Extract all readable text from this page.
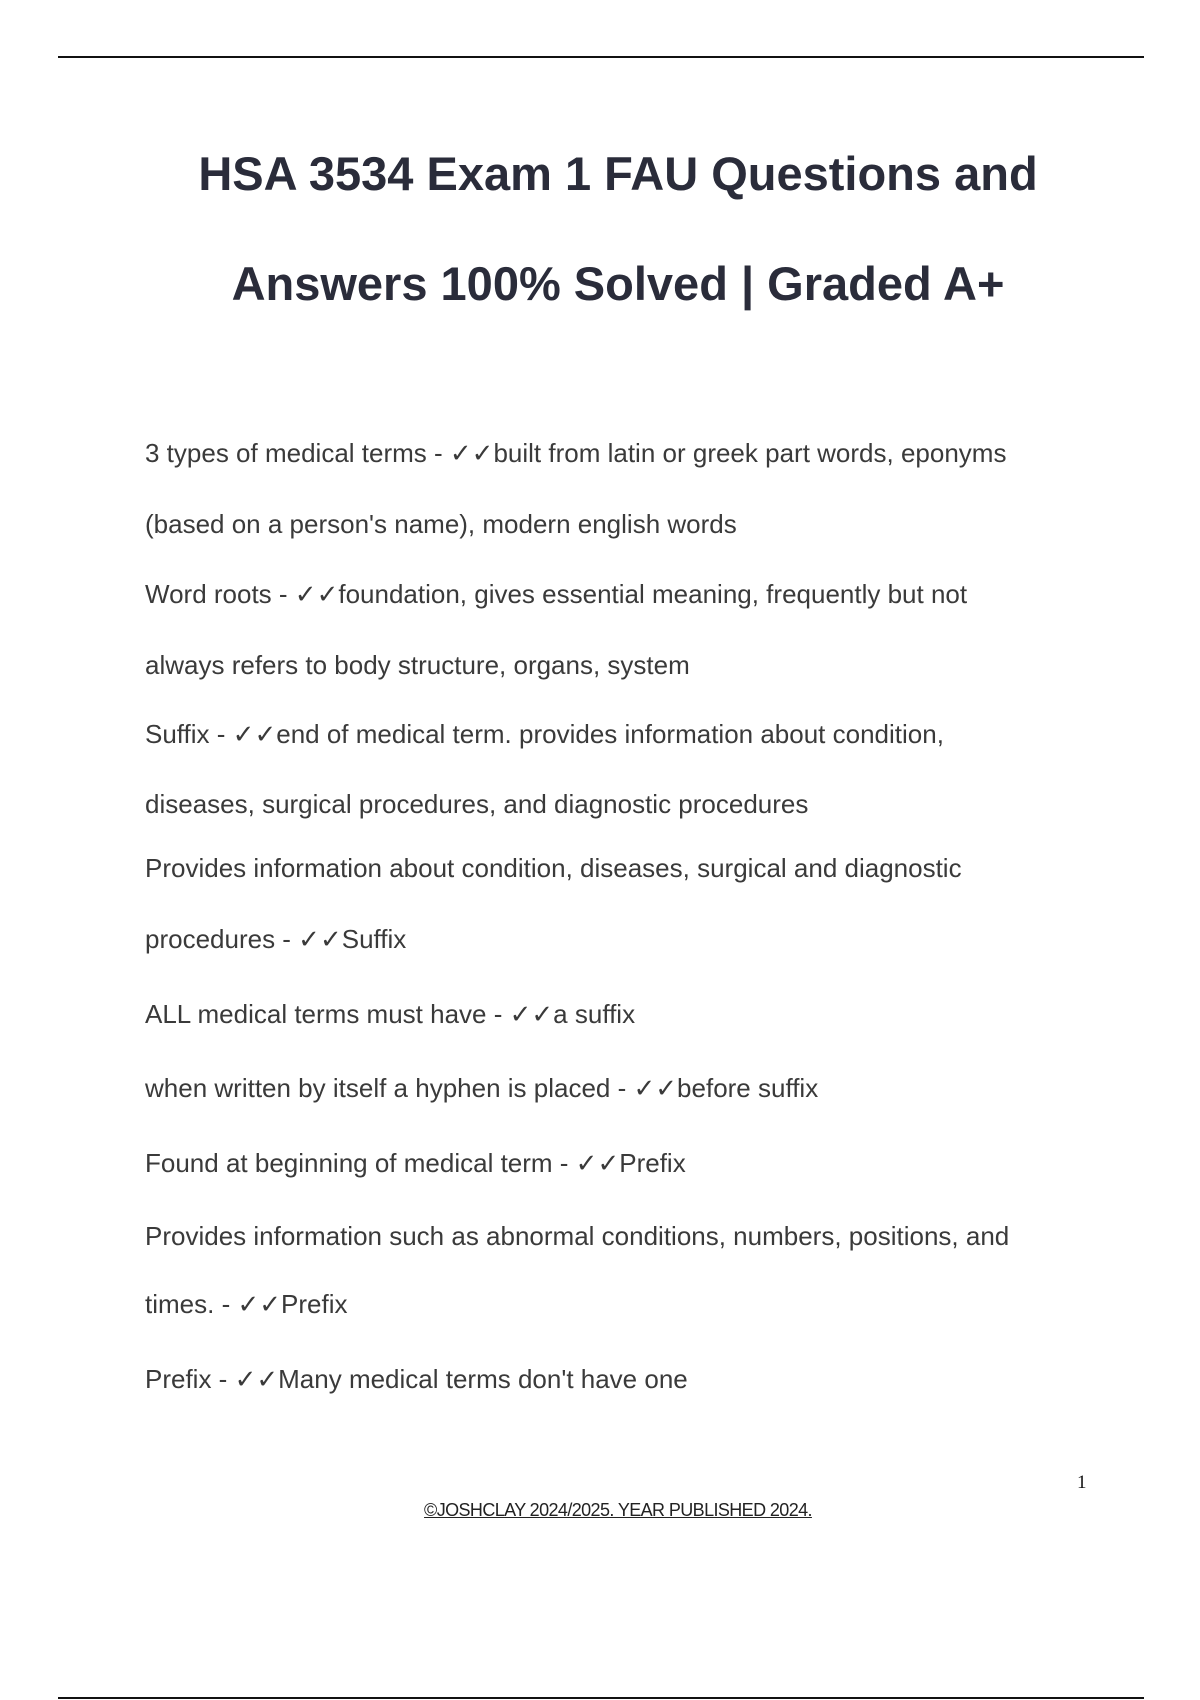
HSA 3534 Exam 1 FAU Questions and
Answers 100% Solved | Graded A+
3 types of medical terms - ✓✓built from latin or greek part words, eponyms
(based on a person's name), modern english words
Word roots - ✓✓foundation, gives essential meaning, frequently but not
always refers to body structure, organs, system
Suffix - ✓✓end of medical term. provides information about condition,
diseases, surgical procedures, and diagnostic procedures
Provides information about condition, diseases, surgical and diagnostic
procedures - ✓✓Suffix
ALL medical terms must have - ✓✓a suffix
when written by itself a hyphen is placed - ✓✓before suffix
Found at beginning of medical term - ✓✓Prefix
Provides information such as abnormal conditions, numbers, positions, and
times. - ✓✓Prefix
Prefix - ✓✓Many medical terms don't have one
1
©JOSHCLAY 2024/2025. YEAR PUBLISHED 2024.
